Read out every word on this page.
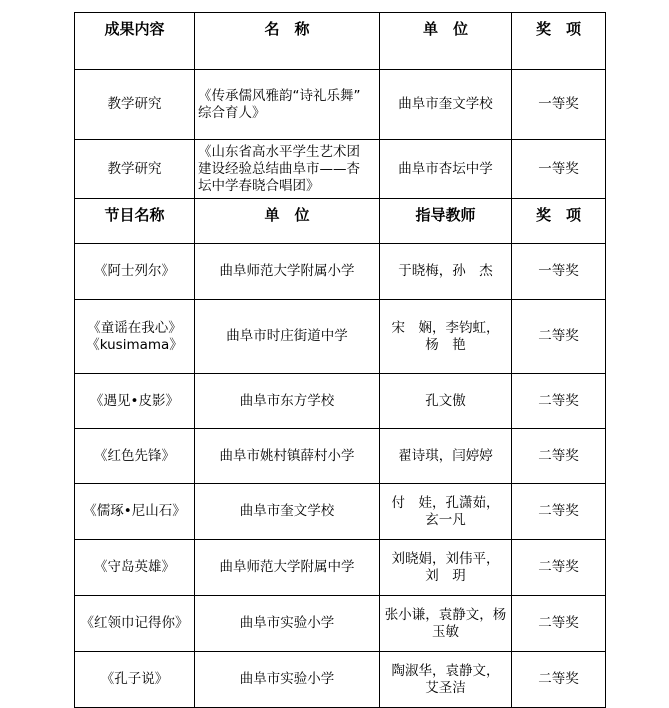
成果内容	名　称	单　位	奖　项
教学研究	《传承儒风雅韵“诗礼乐舞”
综合育人》	曲阜市奎文学校	一等奖
教学研究	《山东省高水平学生艺术团
建设经验总结曲阜市——杏
坛中学春晓合唱团》	曲阜市杏坛中学	一等奖
节目名称	单　位	指导教师	奖　项

《阿士列尔》	曲阜师范大学附属小学	于晓梅，孙　杰	一等奖

《童谣在我心》
《kusimama》	曲阜市时庄街道中学	宋　娴，李钧虹，
杨　艳	二等奖

《遇见•皮影》	曲阜市东方学校	孔文傲	二等奖

《红色先锋》	曲阜市姚村镇薛村小学	翟诗琪，闫婷婷	二等奖

《儒琢•尼山石》	曲阜市奎文学校	付　娃，孔潇茹，
玄一凡	二等奖

《守岛英雄》	曲阜师范大学附属中学	刘晓娟，刘伟平，
刘　玥	二等奖

《红领巾记得你》	曲阜市实验小学	张小谦，袁静文，杨
玉敏	二等奖

《孔子说》	曲阜市实验小学	陶淑华，袁静文，
艾圣洁	二等奖
